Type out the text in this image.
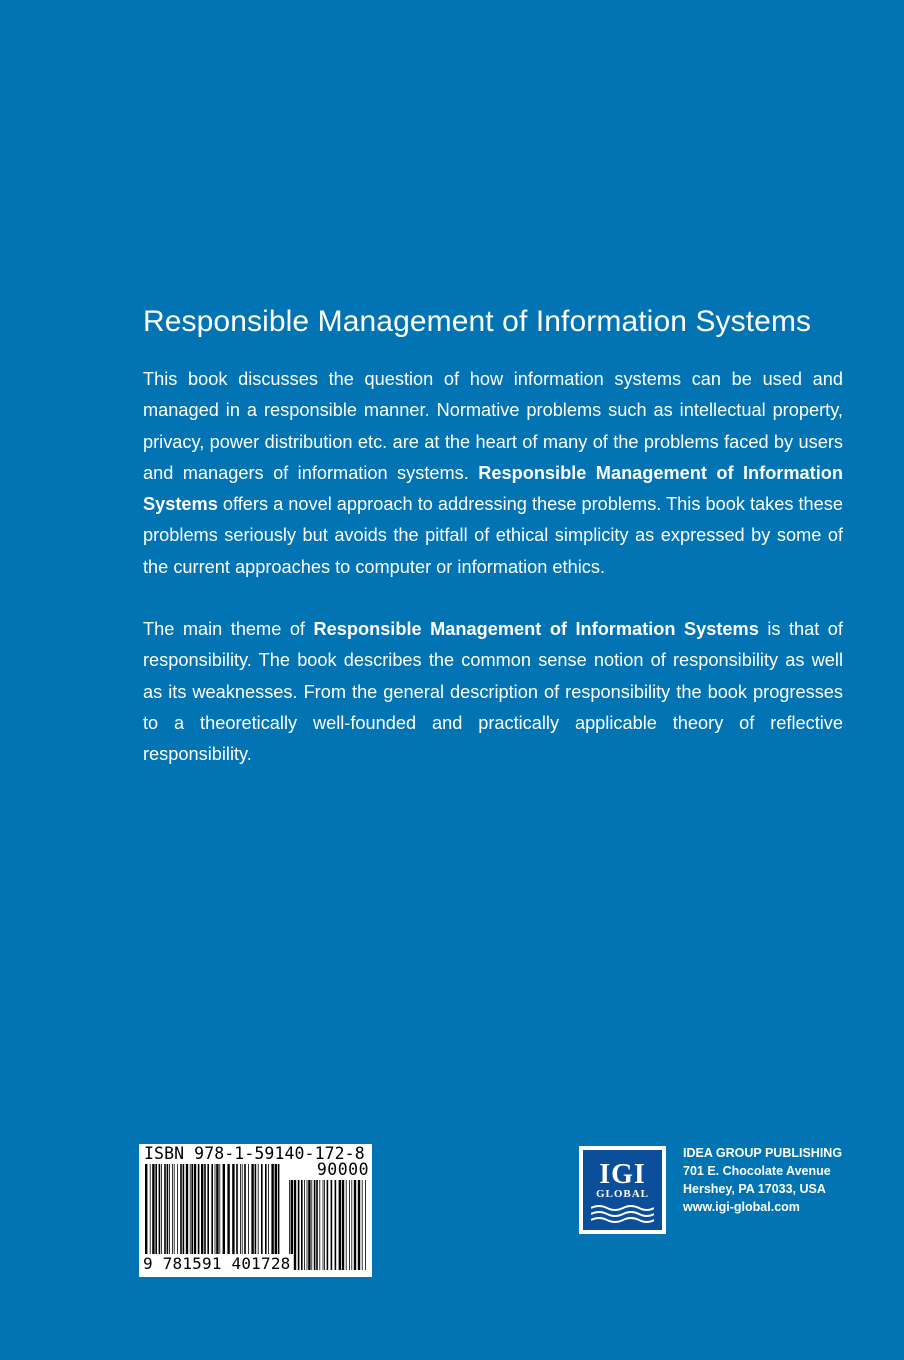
Responsible Management of Information Systems

This book discusses the question of how information systems can be used and managed in a responsible manner. Normative problems such as intellectual property, privacy, power distribution etc. are at the heart of many of the problems faced by users and managers of information systems. Responsible Management of Information Systems offers a novel approach to addressing these problems. This book takes these problems seriously but avoids the pitfall of ethical simplicity as expressed by some of the current approaches to computer or information ethics.

The main theme of Responsible Management of Information Systems is that of responsibility. The book describes the common sense notion of responsibility as well as its weaknesses. From the general description of responsibility the book progresses to a theoretically well-founded and practically applicable theory of reflective responsibility.

ISBN 978-1-59140-172-8
90000
9 781591 401728
IGI
GLOBAL
IDEA GROUP PUBLISHING
701 E. Chocolate Avenue
Hershey, PA 17033, USA
www.igi-global.com
